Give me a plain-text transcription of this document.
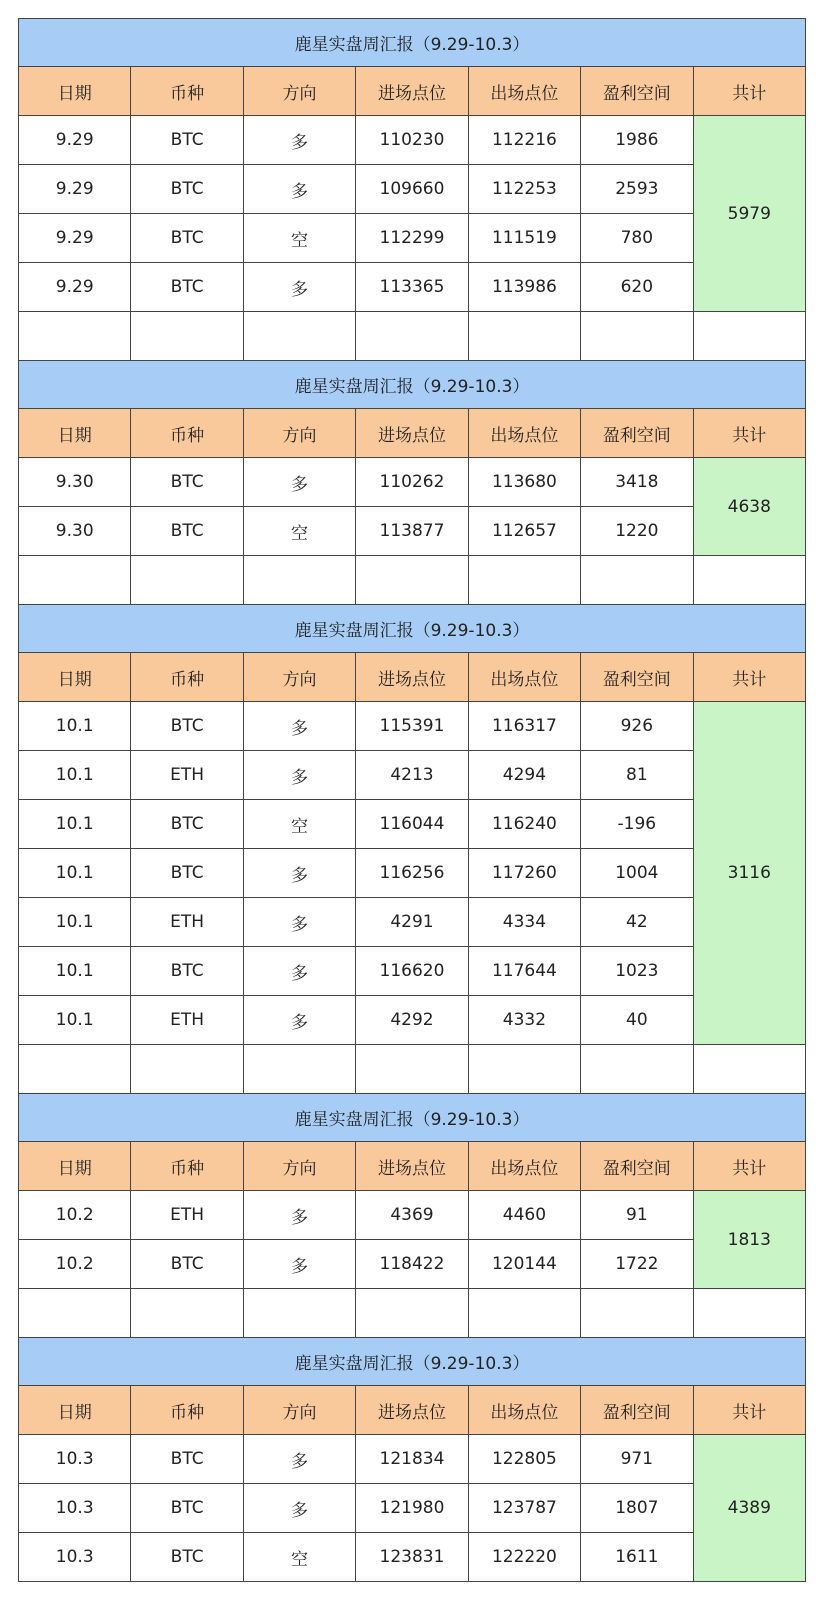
鹿星实盘周汇报（9.29-10.3）						
日期	币种	方向	进场点位	出场点位	盈利空间	共计
9.29	BTC	多	110230	112216	1986	5979
9.29	BTC	多	109660	112253	2593	
9.29	BTC	空	112299	111519	780	
9.29	BTC	多	113365	113986	620	

鹿星实盘周汇报（9.29-10.3）						
日期	币种	方向	进场点位	出场点位	盈利空间	共计
9.30	BTC	多	110262	113680	3418	4638
9.30	BTC	空	113877	112657	1220	

鹿星实盘周汇报（9.29-10.3）						
日期	币种	方向	进场点位	出场点位	盈利空间	共计
10.1	BTC	多	115391	116317	926	3116
10.1	ETH	多	4213	4294	81	
10.1	BTC	空	116044	116240	-196	
10.1	BTC	多	116256	117260	1004	
10.1	ETH	多	4291	4334	42	
10.1	BTC	多	116620	117644	1023	
10.1	ETH	多	4292	4332	40	

鹿星实盘周汇报（9.29-10.3）						
日期	币种	方向	进场点位	出场点位	盈利空间	共计
10.2	ETH	多	4369	4460	91	1813
10.2	BTC	多	118422	120144	1722	

鹿星实盘周汇报（9.29-10.3）						
日期	币种	方向	进场点位	出场点位	盈利空间	共计
10.3	BTC	多	121834	122805	971	4389
10.3	BTC	多	121980	123787	1807	
10.3	BTC	空	123831	122220	1611	
